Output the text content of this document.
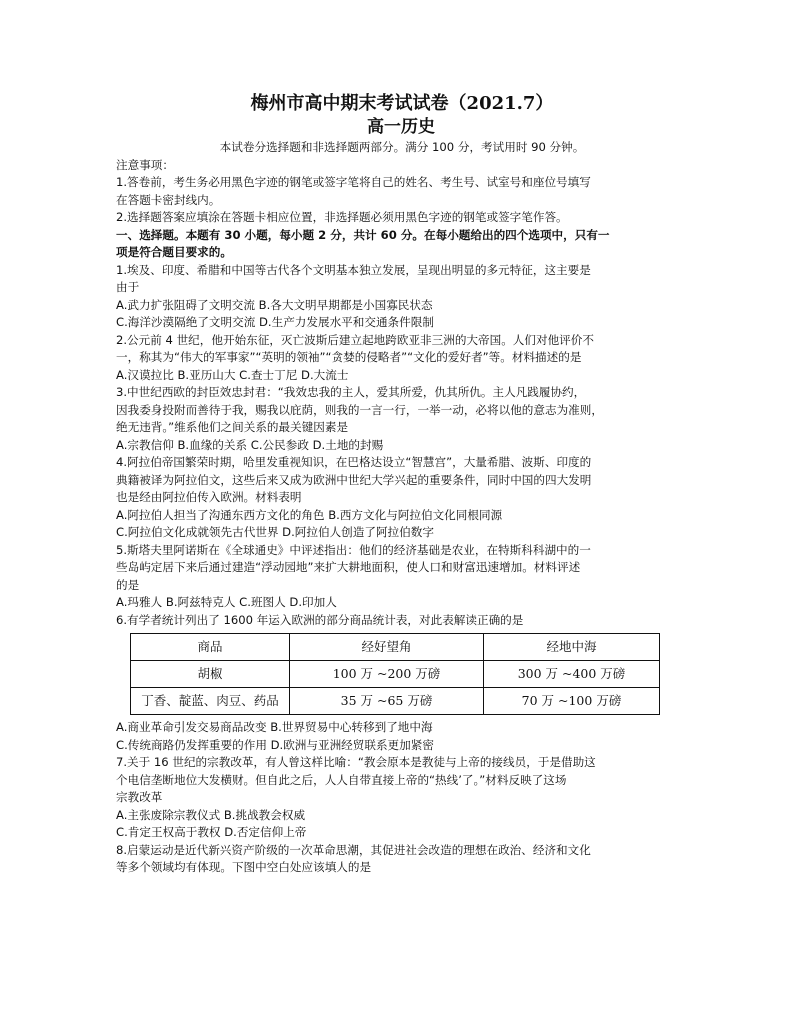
梅州市高中期末考试试卷（2021.7）
高一历史
本试卷分选择题和非选择题两部分。满分 100 分，考试用时 90 分钟。
注意事项：
1.答卷前，考生务必用黑色字迹的钢笔或签字笔将自己的姓名、考生号、试室号和座位号填写
在答题卡密封线内。
2.选择题答案应填涂在答题卡相应位置，非选择题必须用黑色字迹的钢笔或签字笔作答。
一、选择题。本题有 30 小题，每小题 2 分，共计 60 分。在每小题给出的四个选项中，只有一
项是符合题目要求的。
1.埃及、印度、希腊和中国等古代各个文明基本独立发展，呈现出明显的多元特征，这主要是
由于
A.武力扩张阻碍了文明交流 B.各大文明早期都是小国寡民状态
C.海洋沙漠隔绝了文明交流 D.生产力发展水平和交通条件限制
2.公元前 4 世纪，他开始东征，灭亡波斯后建立起地跨欧亚非三洲的大帝国。人们对他评价不
一，称其为“伟大的军事家”“英明的领袖”“贪婪的侵略者”“文化的爱好者”等。材料描述的是
A.汉谟拉比 B.亚历山大 C.查士丁尼 D.大流士
3.中世纪西欧的封臣效忠封君：“我效忠我的主人，爱其所爱，仇其所仇。主人凡践履协约，
因我委身投附而善待于我，赐我以庇荫，则我的一言一行，一举一动，必将以他的意志为准则，
绝无违背。”维系他们之间关系的最关键因素是
A.宗教信仰 B.血缘的关系 C.公民参政 D.土地的封赐
4.阿拉伯帝国繁荣时期，哈里发重视知识，在巴格达设立“智慧宫”，大量希腊、波斯、印度的
典籍被译为阿拉伯文，这些后来又成为欧洲中世纪大学兴起的重要条件，同时中国的四大发明
也是经由阿拉伯传入欧洲。材料表明
A.阿拉伯人担当了沟通东西方文化的角色 B.西方文化与阿拉伯文化同根同源
C.阿拉伯文化成就领先古代世界 D.阿拉伯人创造了阿拉伯数字
5.斯塔夫里阿诺斯在《全球通史》中评述指出：他们的经济基础是农业，在特斯科科湖中的一
些岛屿定居下来后通过建造“浮动园地”来扩大耕地面积，使人口和财富迅速增加。材料评述
的是
A.玛雅人 B.阿兹特克人 C.班图人 D.印加人
6.有学者统计列出了 1600 年运入欧洲的部分商品统计表，对此表解读正确的是
商品	经好望角	经地中海
胡椒	100 万 ~200 万磅	300 万 ~400 万磅
丁香、靛蓝、肉豆、药品	35 万 ~65 万磅	70 万 ~100 万磅
A.商业革命引发交易商品改变 B.世界贸易中心转移到了地中海
C.传统商路仍发挥重要的作用 D.欧洲与亚洲经贸联系更加紧密
7.关于 16 世纪的宗教改革，有人曾这样比喻：“教会原本是教徒与上帝的接线员，于是借助这
个电信垄断地位大发横财。但自此之后，人人自带直接上帝的“热线’了。”材料反映了这场
宗教改革
A.主张废除宗教仪式 B.挑战教会权威
C.肯定王权高于教权 D.否定信仰上帝
8.启蒙运动是近代新兴资产阶级的一次革命思潮，其促进社会改造的理想在政治、经济和文化
等多个领域均有体现。下图中空白处应该填人的是
